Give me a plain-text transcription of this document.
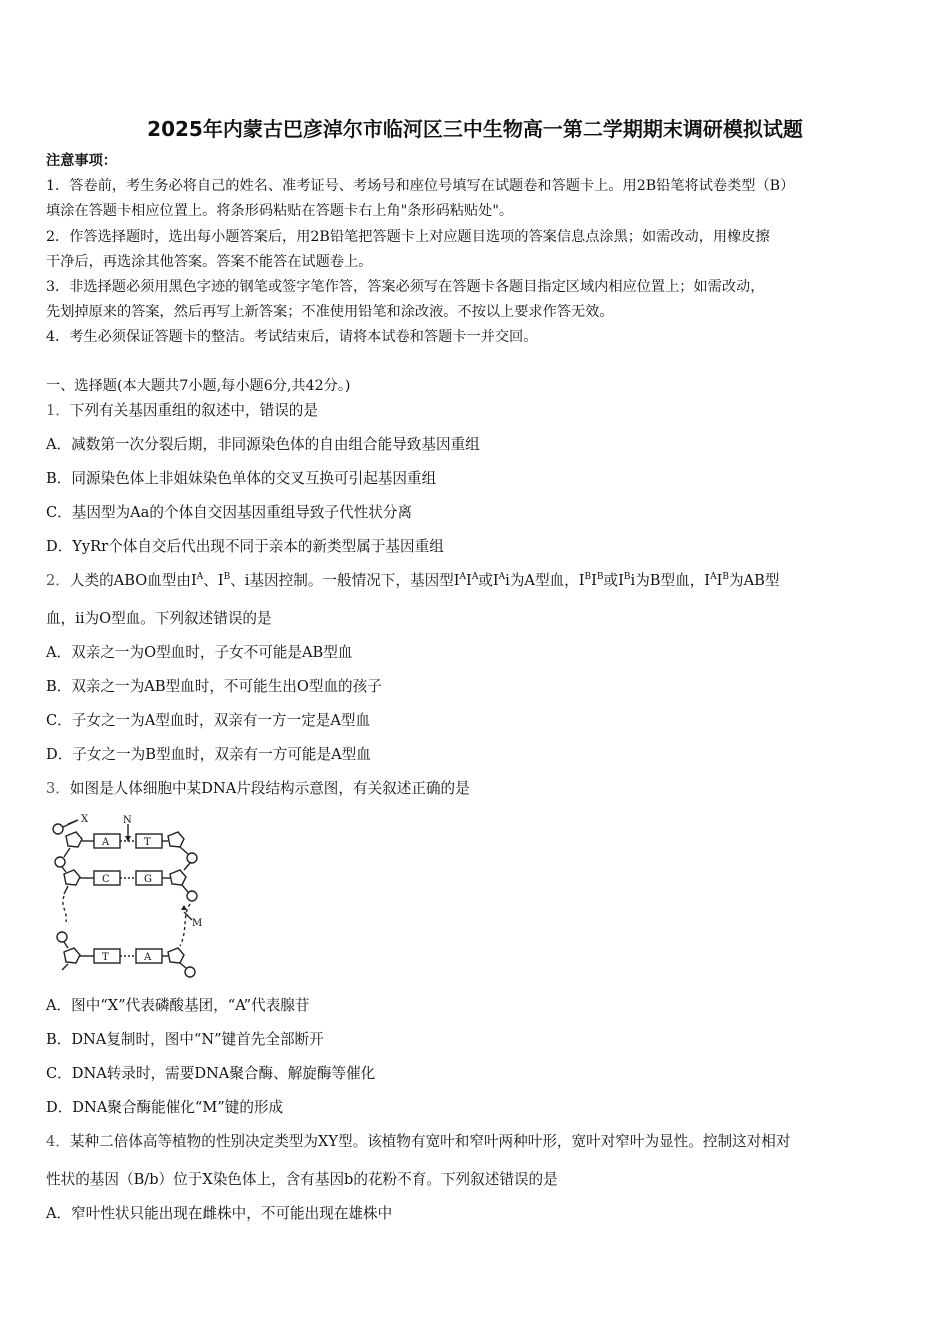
2025年内蒙古巴彦淖尔市临河区三中生物高一第二学期期末调研模拟试题
注意事项：
1．答卷前，考生务必将自己的姓名、准考证号、考场号和座位号填写在试题卷和答题卡上。用2B铅笔将试卷类型（B）
填涂在答题卡相应位置上。将条形码粘贴在答题卡右上角"条形码粘贴处"。
2．作答选择题时，选出每小题答案后，用2B铅笔把答题卡上对应题目选项的答案信息点涂黑；如需改动，用橡皮擦
干净后，再选涂其他答案。答案不能答在试题卷上。
3．非选择题必须用黑色字迹的钢笔或签字笔作答，答案必须写在答题卡各题目指定区域内相应位置上；如需改动，
先划掉原来的答案，然后再写上新答案；不准使用铅笔和涂改液。不按以上要求作答无效。
4．考生必须保证答题卡的整洁。考试结束后，请将本试卷和答题卡一并交回。
一、选择题(本大题共7小题,每小题6分,共42分。)
1．下列有关基因重组的叙述中，错误的是
A．减数第一次分裂后期，非同源染色体的自由组合能导致基因重组
B．同源染色体上非姐妹染色单体的交叉互换可引起基因重组
C．基因型为Aa的个体自交因基因重组导致子代性状分离
D．YyRr个体自交后代出现不同于亲本的新类型属于基因重组
2．人类的ABO血型由$I^A$、$I^B$、i基因控制。一般情况下，基因型$I^AI^A$或$I^Ai$为A型血，$I^BI^B$或$I^Bi$为B型血，$I^AI^B$为AB型
血，ii为O型血。下列叙述错误的是
A．双亲之一为O型血时，子女不可能是AB型血
B．双亲之一为AB型血时，不可能生出O型血的孩子
C．子女之一为A型血时，双亲有一方一定是A型血
D．子女之一为B型血时，双亲有一方可能是A型血
3．如图是人体细胞中某DNA片段结构示意图，有关叙述正确的是
X	N
M
A	T
C	G
T	A
A．图中“X”代表磷酸基团，“A”代表腺苷
B．DNA复制时，图中“N”键首先全部断开
C．DNA转录时，需要DNA聚合酶、解旋酶等催化
D．DNA聚合酶能催化“M”键的形成
4．某种二倍体高等植物的性别决定类型为XY型。该植物有宽叶和窄叶两种叶形，宽叶对窄叶为显性。控制这对相对
性状的基因（B/b）位于X染色体上，含有基因b的花粉不育。下列叙述错误的是
A．窄叶性状只能出现在雌株中，不可能出现在雄株中
